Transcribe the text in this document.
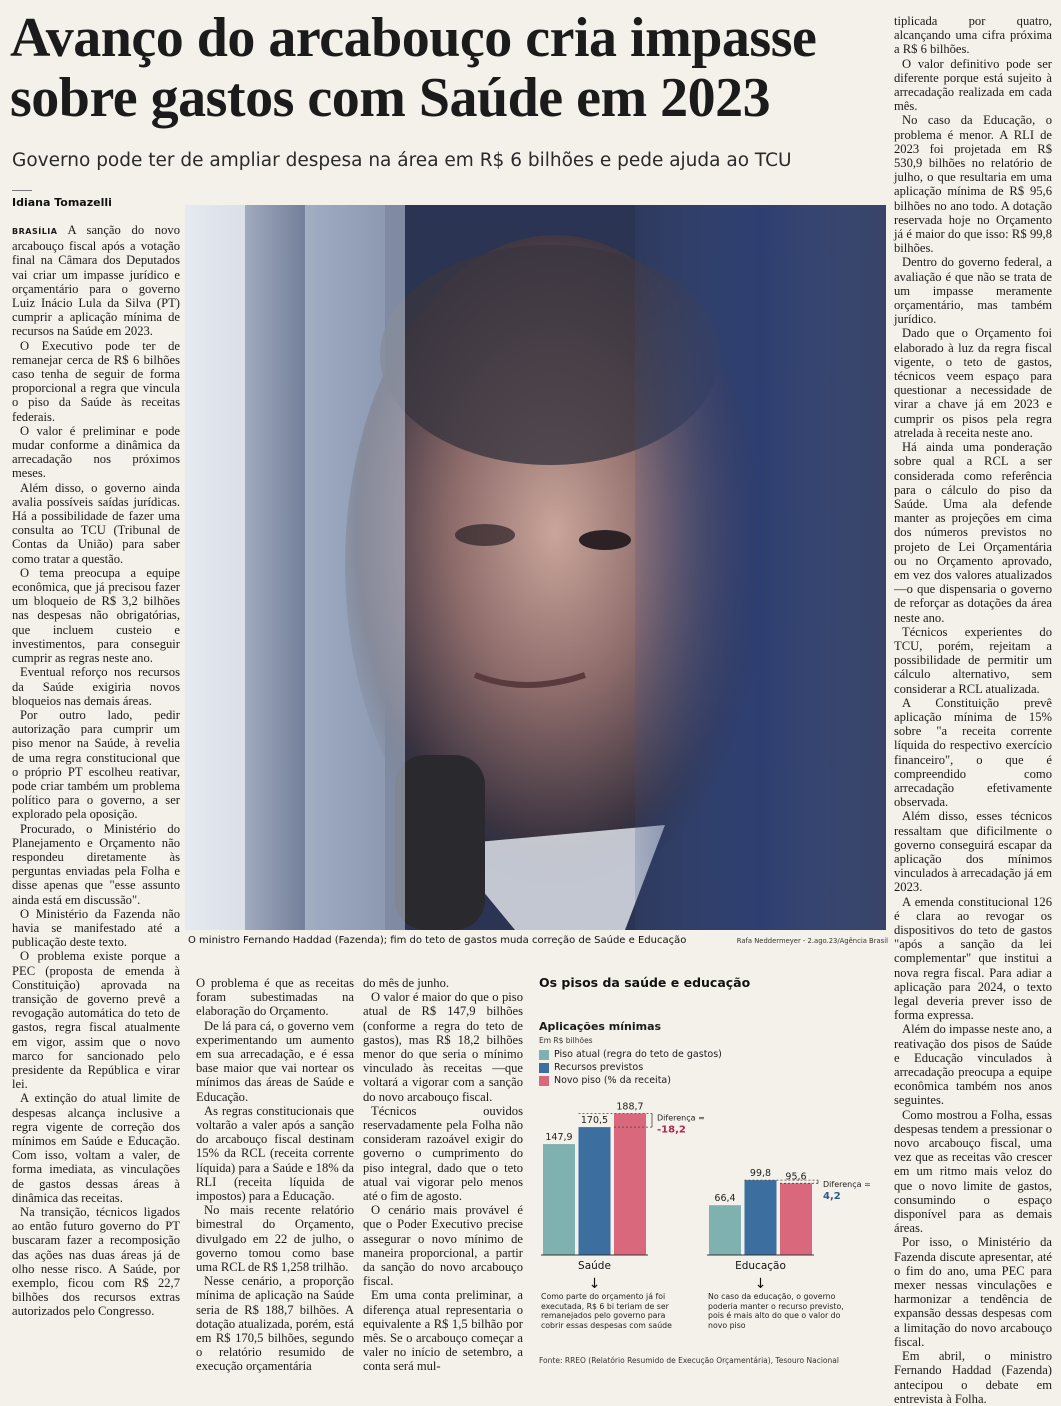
Avanço do arcabouço cria impasse sobre gastos com Saúde em 2023
Governo pode ter de ampliar despesa na área em R$ 6 bilhões e pede ajuda ao TCU
Idiana Tomazelli

BRASÍLIA A sanção do novo arcabouço fiscal após a votação final na Câmara dos Deputados vai criar um impasse jurídico e orçamentário para o governo Luiz Inácio Lula da Silva (PT) cumprir a aplicação mínima de recursos na Saúde em 2023.

O Executivo pode ter de remanejar cerca de R$ 6 bilhões caso tenha de seguir de forma proporcional a regra que vincula o piso da Saúde às receitas federais.

O valor é preliminar e pode mudar conforme a dinâmica da arrecadação nos próximos meses.

Além disso, o governo ainda avalia possíveis saídas jurídicas. Há a possibilidade de fazer uma consulta ao TCU (Tribunal de Contas da União) para saber como tratar a questão.

O tema preocupa a equipe econômica, que já precisou fazer um bloqueio de R$ 3,2 bilhões nas despesas não obrigatórias, que incluem custeio e investimentos, para conseguir cumprir as regras neste ano.

Eventual reforço nos recursos da Saúde exigiria novos bloqueios nas demais áreas.

Por outro lado, pedir autorização para cumprir um piso menor na Saúde, à revelia de uma regra constitucional que o próprio PT escolheu reativar, pode criar também um problema político para o governo, a ser explorado pela oposição.

Procurado, o Ministério do Planejamento e Orçamento não respondeu diretamente às perguntas enviadas pela Folha e disse apenas que "esse assunto ainda está em discussão".

O Ministério da Fazenda não havia se manifestado até a publicação deste texto.

O problema existe porque a PEC (proposta de emenda à Constituição) aprovada na transição de governo prevê a revogação automática do teto de gastos, regra fiscal atualmente em vigor, assim que o novo marco for sancionado pelo presidente da República e virar lei.

A extinção do atual limite de despesas alcança inclusive a regra vigente de correção dos mínimos em Saúde e Educação. Com isso, voltam a valer, de forma imediata, as vinculações de gastos dessas áreas à dinâmica das receitas.

Na transição, técnicos ligados ao então futuro governo do PT buscaram fazer a recomposição das ações nas duas áreas já de olho nesse risco. A Saúde, por exemplo, ficou com R$ 22,7 bilhões dos recursos extras autorizados pelo Congresso.

O ministro Fernando Haddad (Fazenda); fim do teto de gastos muda correção de Saúde e Educação	Rafa Neddermeyer - 2.ago.23/Agência Brasil

O problema é que as receitas foram subestimadas na elaboração do Orçamento.

De lá para cá, o governo vem experimentando um aumento em sua arrecadação, e é essa base maior que vai nortear os mínimos das áreas de Saúde e Educação.

As regras constitucionais que voltarão a valer após a sanção do arcabouço fiscal destinam 15% da RCL (receita corrente líquida) para a Saúde e 18% da RLI (receita líquida de impostos) para a Educação.

No mais recente relatório bimestral do Orçamento, divulgado em 22 de julho, o governo tomou como base uma RCL de R$ 1,258 trilhão.

Nesse cenário, a proporção mínima de aplicação na Saúde seria de R$ 188,7 bilhões. A dotação atualizada, porém, está em R$ 170,5 bilhões, segundo o relatório resumido de execução orçamentária

do mês de junho.

O valor é maior do que o piso atual de R$ 147,9 bilhões (conforme a regra do teto de gastos), mas R$ 18,2 bilhões menor do que seria o mínimo vinculado às receitas —que voltará a vigorar com a sanção do novo arcabouço fiscal.

Técnicos ouvidos reservadamente pela Folha não consideram razoável exigir do governo o cumprimento do piso integral, dado que o teto atual vai vigorar pelo menos até o fim de agosto.

O cenário mais provável é que o Poder Executivo precise assegurar o novo mínimo de maneira proporcional, a partir da sanção do novo arcabouço fiscal.

Em uma conta preliminar, a diferença atual representaria o equivalente a R$ 1,5 bilhão por mês. Se o arcabouço começar a valer no início de setembro, a conta será mul-

tiplicada por quatro, alcançando uma cifra próxima a R$ 6 bilhões.

O valor definitivo pode ser diferente porque está sujeito à arrecadação realizada em cada mês.

No caso da Educação, o problema é menor. A RLI de 2023 foi projetada em R$ 530,9 bilhões no relatório de julho, o que resultaria em uma aplicação mínima de R$ 95,6 bilhões no ano todo. A dotação reservada hoje no Orçamento já é maior do que isso: R$ 99,8 bilhões.

Dentro do governo federal, a avaliação é que não se trata de um impasse meramente orçamentário, mas também jurídico.

Dado que o Orçamento foi elaborado à luz da regra fiscal vigente, o teto de gastos, técnicos veem espaço para questionar a necessidade de virar a chave já em 2023 e cumprir os pisos pela regra atrelada à receita neste ano.

Há ainda uma ponderação sobre qual a RCL a ser considerada como referência para o cálculo do piso da Saúde. Uma ala defende manter as projeções em cima dos números previstos no projeto de Lei Orçamentária ou no Orçamento aprovado, em vez dos valores atualizados —o que dispensaria o governo de reforçar as dotações da área neste ano.

Técnicos experientes do TCU, porém, rejeitam a possibilidade de permitir um cálculo alternativo, sem considerar a RCL atualizada.

A Constituição prevê aplicação mínima de 15% sobre "a receita corrente líquida do respectivo exercício financeiro", o que é compreendido como arrecadação efetivamente observada.

Além disso, esses técnicos ressaltam que dificilmente o governo conseguirá escapar da aplicação dos mínimos vinculados à arrecadação já em 2023.

A emenda constitucional 126 é clara ao revogar os dispositivos do teto de gastos "após a sanção da lei complementar" que institui a nova regra fiscal. Para adiar a aplicação para 2024, o texto legal deveria prever isso de forma expressa.

Além do impasse neste ano, a reativação dos pisos de Saúde e Educação vinculados à arrecadação preocupa a equipe econômica também nos anos seguintes.

Como mostrou a Folha, essas despesas tendem a pressionar o novo arcabouço fiscal, uma vez que as receitas vão crescer em um ritmo mais veloz do que o novo limite de gastos, consumindo o espaço disponível para as demais áreas.

Por isso, o Ministério da Fazenda discute apresentar, até o fim do ano, uma PEC para mexer nessas vinculações e harmonizar a tendência de expansão dessas despesas com a limitação do novo arcabouço fiscal.

Em abril, o ministro Fernando Haddad (Fazenda) antecipou o debate em entrevista à Folha.

Os pisos da saúde e educação
Aplicações mínimas
Em R$ bilhões
Piso atual (regra do teto de gastos)
Recursos previstos
Novo piso (% da receita)
147,9
170,5
188,7
Saúde
↓
Diferença =
-18,2
66,4
99,8 95,6
Educação
↓
Diferença =
4,2
Como parte do orçamento já foi executada, R$ 6 bi teriam de ser remanejados pelo governo para cobrir essas despesas com saúde
No caso da educação, o governo poderia manter o recurso previsto, pois é mais alto do que o valor do novo piso
Fonte: RREO (Relatório Resumido de Execução Orçamentária), Tesouro Nacional
